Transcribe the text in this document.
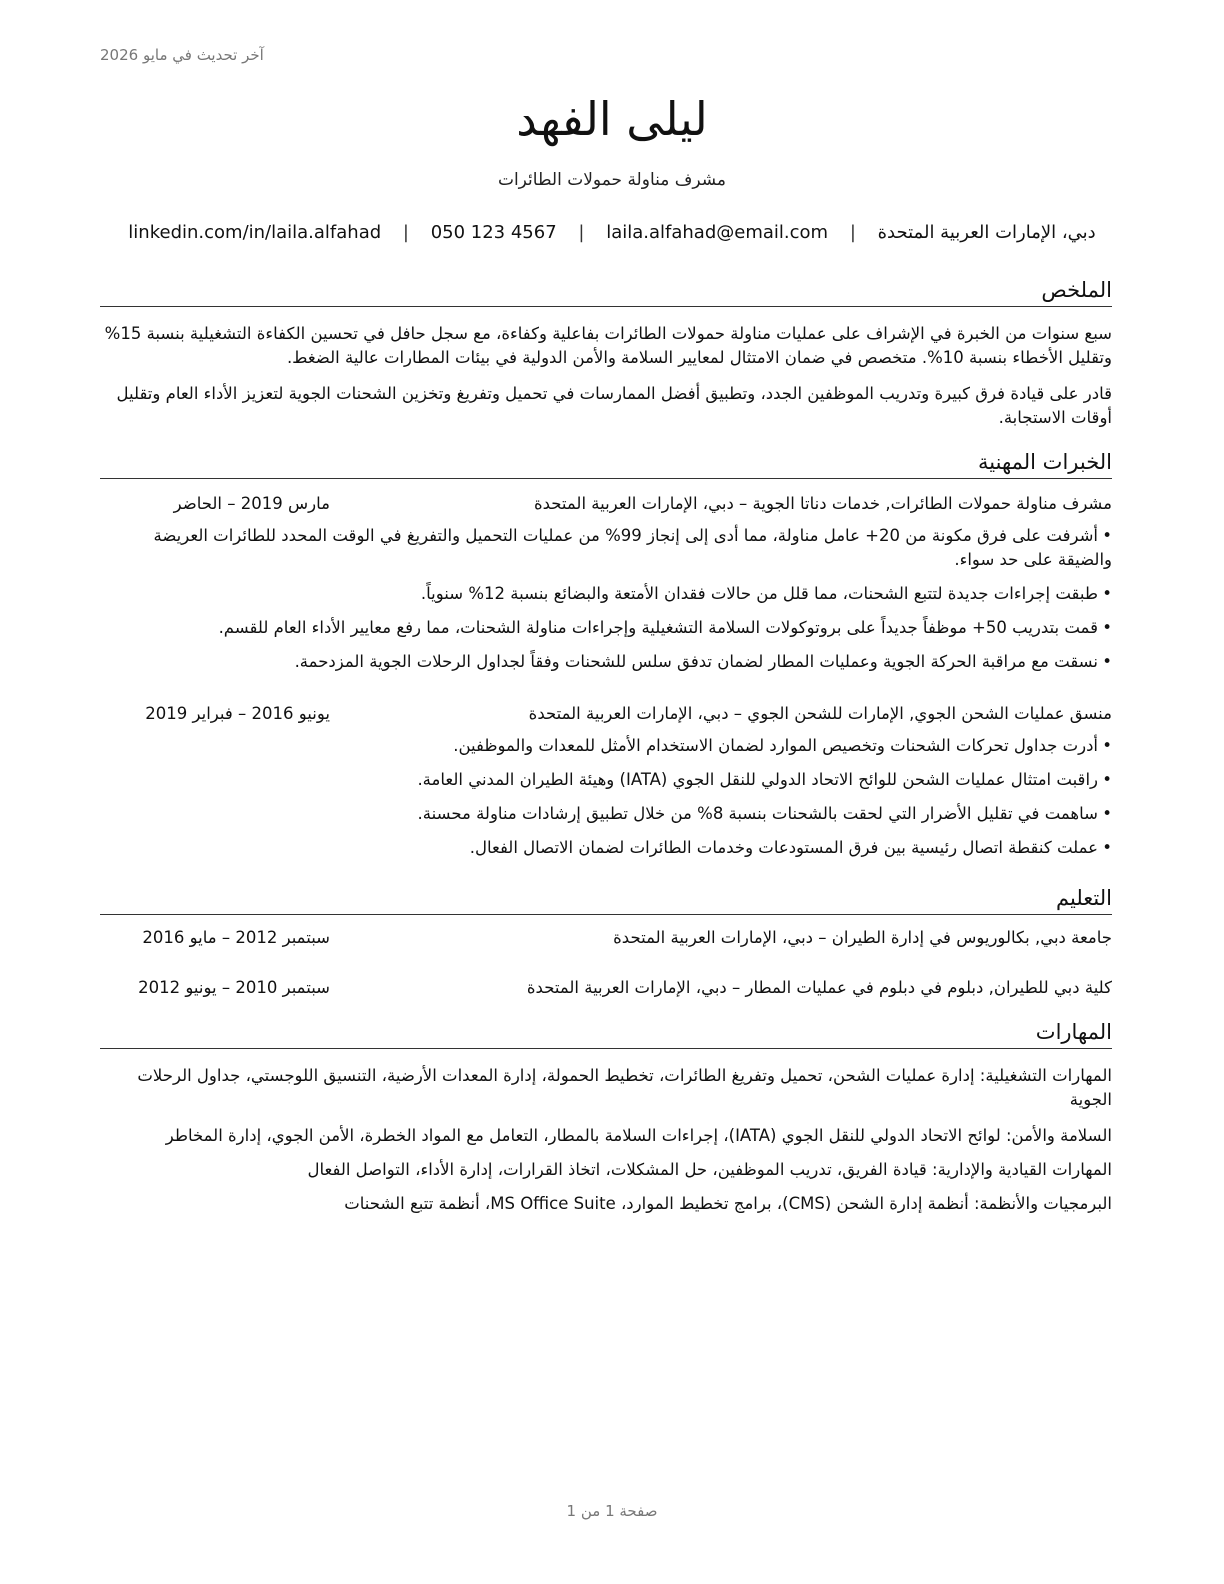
آخر تحديث في مايو 2026
ليلى الفهد
مشرف مناولة حمولات الطائرات
دبي، الإمارات العربية المتحدة | laila.alfahad@email.com | 050 123 4567 | linkedin.com/in/laila.alfahad
الملخص
سبع سنوات من الخبرة في الإشراف على عمليات مناولة حمولات الطائرات بفاعلية وكفاءة، مع سجل حافل في تحسين الكفاءة التشغيلية بنسبة 15% وتقليل الأخطاء بنسبة 10%. متخصص في ضمان الامتثال لمعايير السلامة والأمن الدولية في بيئات المطارات عالية الضغط.
قادر على قيادة فرق كبيرة وتدريب الموظفين الجدد، وتطبيق أفضل الممارسات في تحميل وتفريغ وتخزين الشحنات الجوية لتعزيز الأداء العام وتقليل أوقات الاستجابة.
الخبرات المهنية
مشرف مناولة حمولات الطائرات, خدمات دناتا الجوية – دبي، الإمارات العربية المتحدة
مارس 2019 – الحاضر
•أشرفت على فرق مكونة من 20+ عامل مناولة، مما أدى إلى إنجاز 99% من عمليات التحميل والتفريغ في الوقت المحدد للطائرات العريضة والضيقة على حد سواء.
•طبقت إجراءات جديدة لتتبع الشحنات، مما قلل من حالات فقدان الأمتعة والبضائع بنسبة 12% سنوياً.
•قمت بتدريب 50+ موظفاً جديداً على بروتوكولات السلامة التشغيلية وإجراءات مناولة الشحنات، مما رفع معايير الأداء العام للقسم.
•نسقت مع مراقبة الحركة الجوية وعمليات المطار لضمان تدفق سلس للشحنات وفقاً لجداول الرحلات الجوية المزدحمة.
منسق عمليات الشحن الجوي, الإمارات للشحن الجوي – دبي، الإمارات العربية المتحدة
يونيو 2016 – فبراير 2019
•أدرت جداول تحركات الشحنات وتخصيص الموارد لضمان الاستخدام الأمثل للمعدات والموظفين.
•راقبت امتثال عمليات الشحن للوائح الاتحاد الدولي للنقل الجوي (IATA) وهيئة الطيران المدني العامة.
•ساهمت في تقليل الأضرار التي لحقت بالشحنات بنسبة 8% من خلال تطبيق إرشادات مناولة محسنة.
•عملت كنقطة اتصال رئيسية بين فرق المستودعات وخدمات الطائرات لضمان الاتصال الفعال.
التعليم
جامعة دبي, بكالوريوس في إدارة الطيران – دبي، الإمارات العربية المتحدة
سبتمبر 2012 – مايو 2016
كلية دبي للطيران, دبلوم في دبلوم في عمليات المطار – دبي، الإمارات العربية المتحدة
سبتمبر 2010 – يونيو 2012
المهارات
المهارات التشغيلية: إدارة عمليات الشحن، تحميل وتفريغ الطائرات، تخطيط الحمولة، إدارة المعدات الأرضية، التنسيق اللوجستي، جداول الرحلات الجوية
السلامة والأمن: لوائح الاتحاد الدولي للنقل الجوي (IATA)، إجراءات السلامة بالمطار، التعامل مع المواد الخطرة، الأمن الجوي، إدارة المخاطر
المهارات القيادية والإدارية: قيادة الفريق، تدريب الموظفين، حل المشكلات، اتخاذ القرارات، إدارة الأداء، التواصل الفعال
البرمجيات والأنظمة: أنظمة إدارة الشحن (CMS)، برامج تخطيط الموارد، MS Office Suite، أنظمة تتبع الشحنات
صفحة 1 من 1
